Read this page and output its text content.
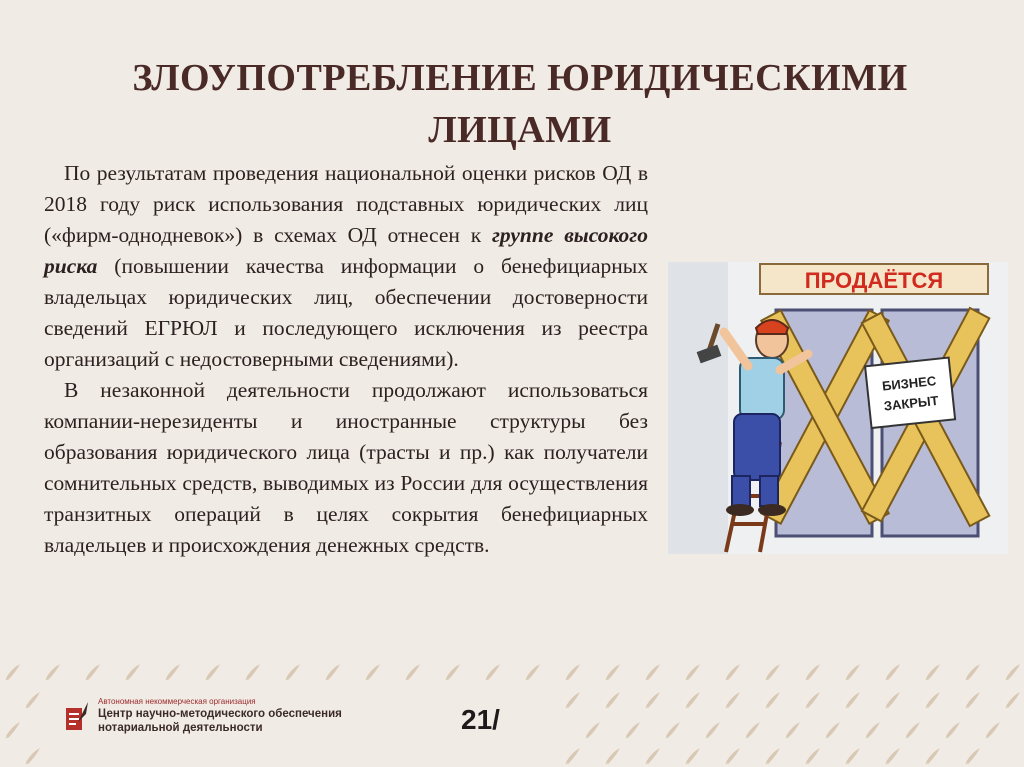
ЗЛОУПОТРЕБЛЕНИЕ ЮРИДИЧЕСКИМИ
ЛИЦАМИ

По результатам проведения национальной оценки рисков ОД в 2018 году риск использования подставных юридических лиц («фирм-однодневок») в схемах ОД отнесен к группе высокого риска (повышении качества информации о бенефициарных владельцах юридических лиц, обеспечении достоверности сведений ЕГРЮЛ и последующего исключения из реестра организаций с недостоверными сведениями).

В незаконной деятельности продолжают использоваться компании-нерезиденты и иностранные структуры без образования юридического лица (трасты и пр.) как получатели сомнительных средств, выводимых из России для осуществления транзитных операций в целях сокрытия бенефициарных владельцев и происхождения денежных средств.

ПРОДАЁТСЯ
БИЗНЕС
ЗАКРЫТ
Автономная некоммерческая организация
Центр научно-методического обеспечения
нотариальной деятельности	21/
